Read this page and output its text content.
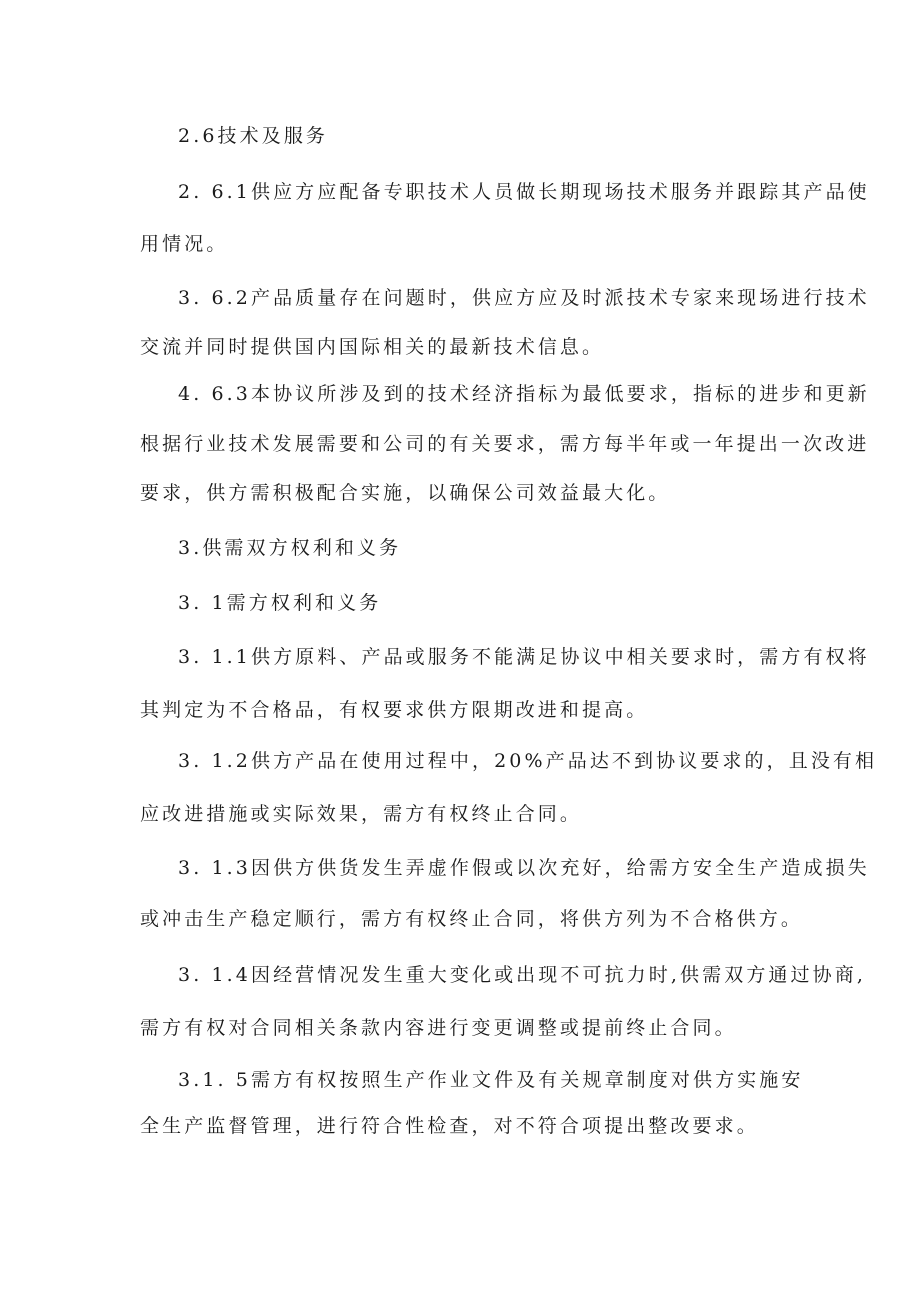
2.6技术及服务
2. 6.1供应方应配备专职技术人员做长期现场技术服务并跟踪其产品使
用情况。
3. 6.2产品质量存在问题时，供应方应及时派技术专家来现场进行技术
交流并同时提供国内国际相关的最新技术信息。
4. 6.3本协议所涉及到的技术经济指标为最低要求，指标的进步和更新
根据行业技术发展需要和公司的有关要求，需方每半年或一年提出一次改进
要求，供方需积极配合实施，以确保公司效益最大化。
3.供需双方权利和义务
3. 1需方权利和义务
3. 1.1供方原料、产品或服务不能满足协议中相关要求时，需方有权将
其判定为不合格品，有权要求供方限期改进和提高。
3. 1.2供方产品在使用过程中，20%产品达不到协议要求的，且没有相
应改进措施或实际效果，需方有权终止合同。
3. 1.3因供方供货发生弄虚作假或以次充好，给需方安全生产造成损失
或冲击生产稳定顺行，需方有权终止合同，将供方列为不合格供方。
3. 1.4因经营情况发生重大变化或出现不可抗力时,供需双方通过协商,
需方有权对合同相关条款内容进行变更调整或提前终止合同。
3.1. 5需方有权按照生产作业文件及有关规章制度对供方实施安
全生产监督管理，进行符合性检查，对不符合项提出整改要求。
